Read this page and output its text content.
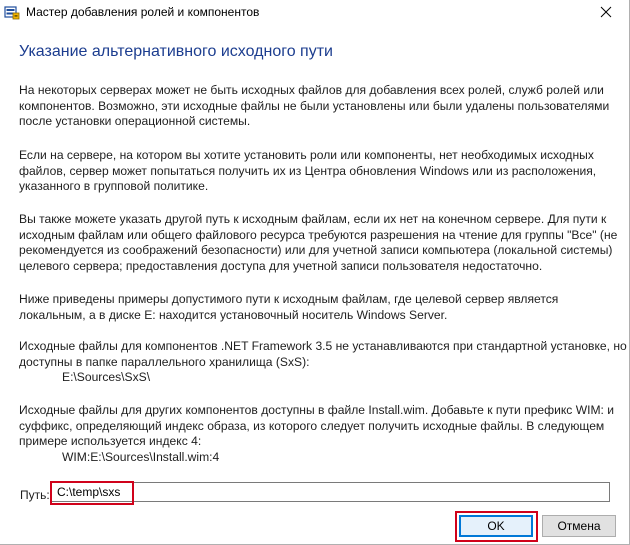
Мастер добавления ролей и компонентов
Указание альтернативного исходного пути
На некоторых серверах может не быть исходных файлов для добавления всех ролей, служб ролей или
компонентов. Возможно, эти исходные файлы не были установлены или были удалены пользователями
после установки операционной системы.
Если на сервере, на котором вы хотите установить роли или компоненты, нет необходимых исходных
файлов, сервер может попытаться получить их из Центра обновления Windows или из расположения,
указанного в групповой политике.
Вы также можете указать другой путь к исходным файлам, если их нет на конечном сервере. Для пути к
исходным файлам или общего файлового ресурса требуются разрешения на чтение для группы "Все" (не
рекомендуется из соображений безопасности) или для учетной записи компьютера (локальной системы)
целевого сервера; предоставления доступа для учетной записи пользователя недостаточно.
Ниже приведены примеры допустимого пути к исходным файлам, где целевой сервер является
локальным, а в диске E: находится установочный носитель Windows Server.
Исходные файлы для компонентов .NET Framework 3.5 не устанавливаются при стандартной установке, но
доступны в папке параллельного хранилища (SxS):
E:\Sources\SxS\
Исходные файлы для других компонентов доступны в файле Install.wim. Добавьте к пути префикс WIM: и
суффикс, определяющий индекс образа, из которого следует получить исходные файлы. В следующем
примере используется индекс 4:
WIM:E:\Sources\Install.wim:4
Путь:
C:\temp\sxs
OK	Отмена
